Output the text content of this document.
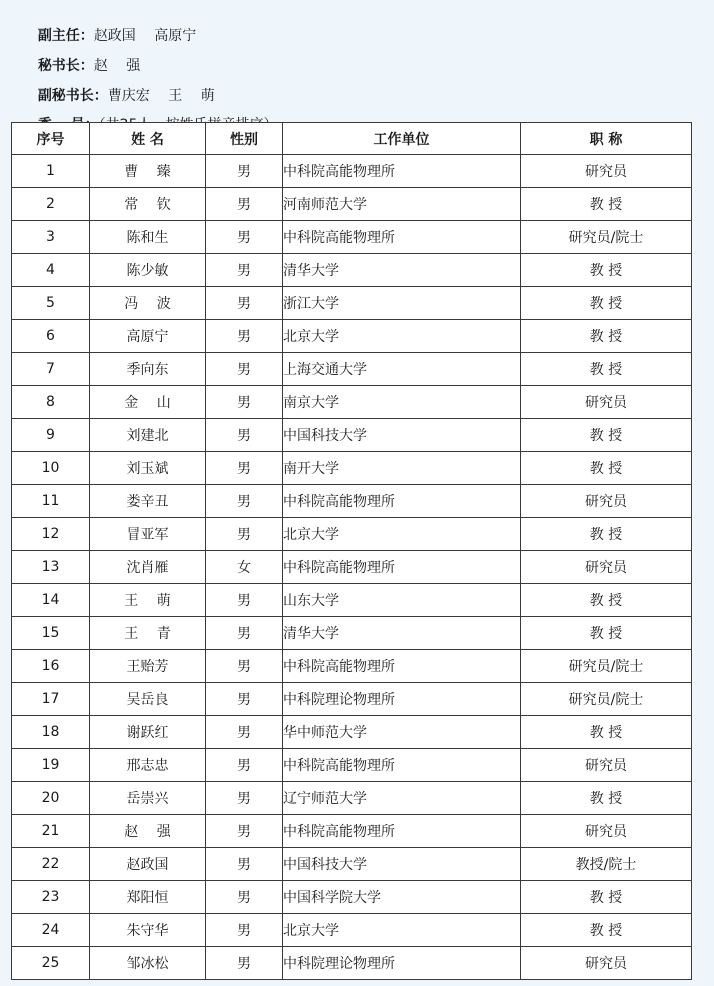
副主任：赵政国　 高原宁

秘书长：赵　 强

副秘书长：曹庆宏　 王　 萌

序号	姓 名	性别	工作单位	职 称
1	曹　 臻	男	中科院高能物理所	研究员
2	常　 钦	男	河南师范大学	教 授
3	陈和生	男	中科院高能物理所	研究员/院士
4	陈少敏	男	清华大学	教 授
5	冯　 波	男	浙江大学	教 授
6	高原宁	男	北京大学	教 授
7	季向东	男	上海交通大学	教 授
8	金　 山	男	南京大学	研究员
9	刘建北	男	中国科技大学	教 授
10	刘玉斌	男	南开大学	教 授
11	娄辛丑	男	中科院高能物理所	研究员
12	冒亚军	男	北京大学	教 授
13	沈肖雁	女	中科院高能物理所	研究员
14	王　 萌	男	山东大学	教 授
15	王　 青	男	清华大学	教 授
16	王贻芳	男	中科院高能物理所	研究员/院士
17	吴岳良	男	中科院理论物理所	研究员/院士
18	谢跃红	男	华中师范大学	教 授
19	邢志忠	男	中科院高能物理所	研究员
20	岳崇兴	男	辽宁师范大学	教 授
21	赵　 强	男	中科院高能物理所	研究员
22	赵政国	男	中国科技大学	教授/院士
23	郑阳恒	男	中国科学院大学	教 授
24	朱守华	男	北京大学	教 授
25	邹冰松	男	中科院理论物理所	研究员
